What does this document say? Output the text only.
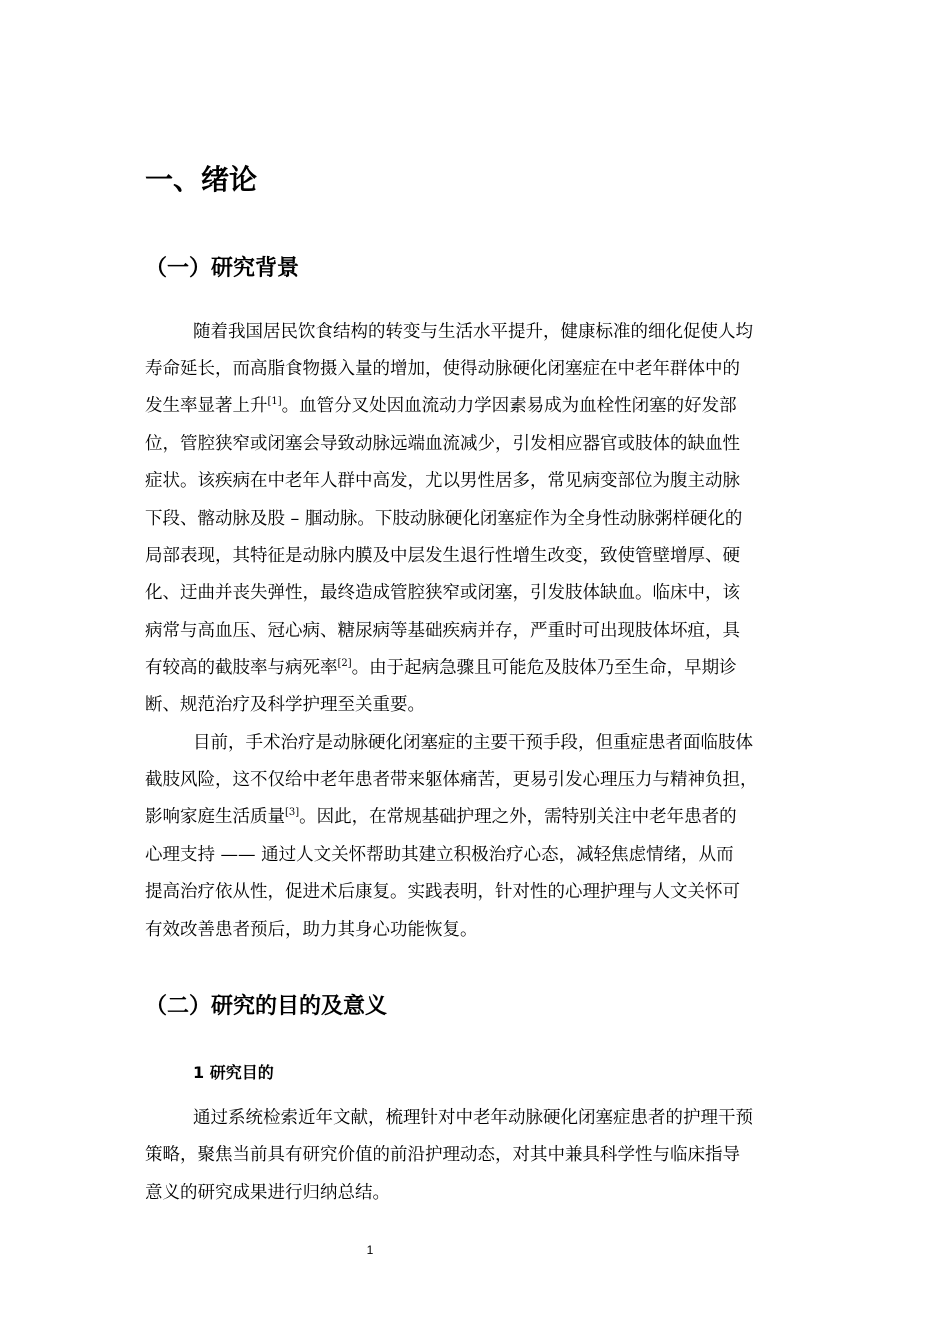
一、绪论
（一）研究背景
随着我国居民饮食结构的转变与生活水平提升，健康标准的细化促使人均
寿命延长，而高脂食物摄入量的增加，使得动脉硬化闭塞症在中老年群体中的
发生率显著上升[1]。血管分叉处因血流动力学因素易成为血栓性闭塞的好发部
位，管腔狭窄或闭塞会导致动脉远端血流减少，引发相应器官或肢体的缺血性
症状。该疾病在中老年人群中高发，尤以男性居多，常见病变部位为腹主动脉
下段、髂动脉及股 – 腘动脉。下肢动脉硬化闭塞症作为全身性动脉粥样硬化的
局部表现，其特征是动脉内膜及中层发生退行性增生改变，致使管壁增厚、硬
化、迂曲并丧失弹性，最终造成管腔狭窄或闭塞，引发肢体缺血。临床中，该
病常与高血压、冠心病、糖尿病等基础疾病并存，严重时可出现肢体坏疽，具
有较高的截肢率与病死率[2]。由于起病急骤且可能危及肢体乃至生命，早期诊
断、规范治疗及科学护理至关重要。
目前，手术治疗是动脉硬化闭塞症的主要干预手段，但重症患者面临肢体
截肢风险，这不仅给中老年患者带来躯体痛苦，更易引发心理压力与精神负担，
影响家庭生活质量[3]。因此，在常规基础护理之外，需特别关注中老年患者的
心理支持 —— 通过人文关怀帮助其建立积极治疗心态，减轻焦虑情绪，从而
提高治疗依从性，促进术后康复。实践表明，针对性的心理护理与人文关怀可
有效改善患者预后，助力其身心功能恢复。
（二）研究的目的及意义
1 研究目的
通过系统检索近年文献，梳理针对中老年动脉硬化闭塞症患者的护理干预
策略，聚焦当前具有研究价值的前沿护理动态，对其中兼具科学性与临床指导
意义的研究成果进行归纳总结。
1
